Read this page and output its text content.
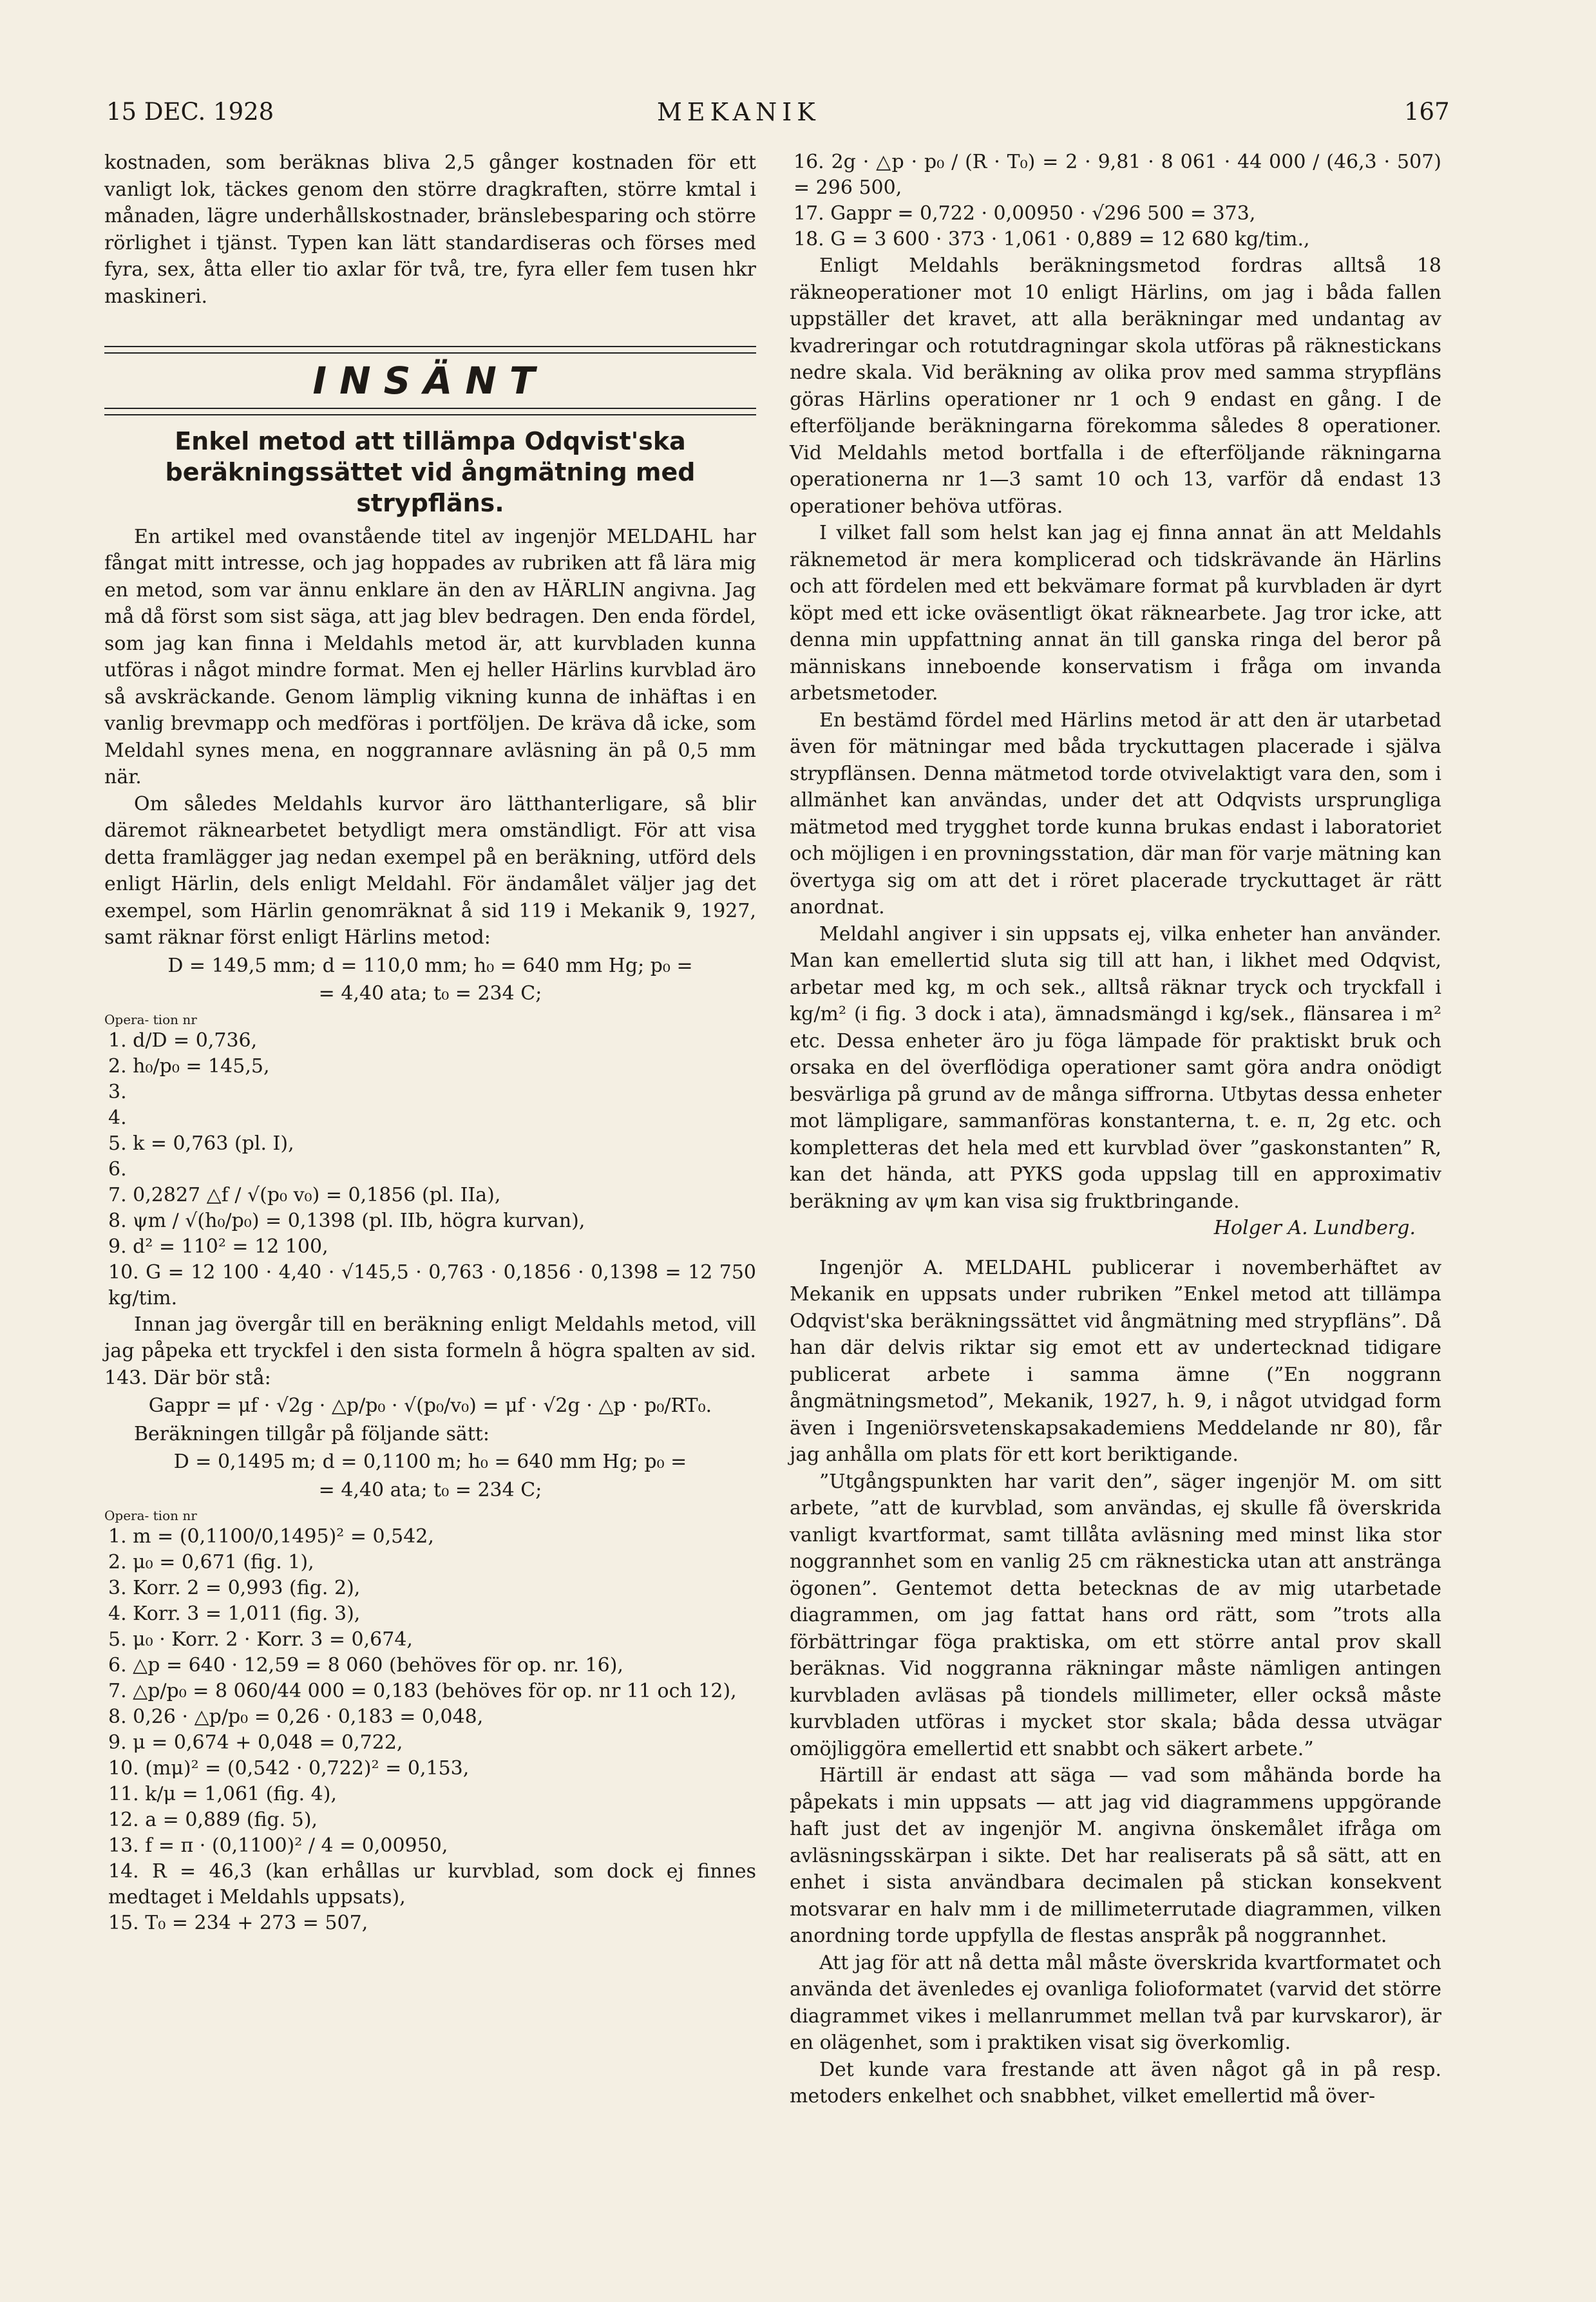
15 DEC. 1928	MEKANIK	167

kostnaden, som beräknas bliva 2,5 gånger kostnaden för ett vanligt lok, täckes genom den större dragkraften, större kmtal i månaden, lägre underhållskostnader, bränslebesparing och större rörlighet i tjänst. Typen kan lätt standardiseras och förses med fyra, sex, åtta eller tio axlar för två, tre, fyra eller fem tusen hkr maskineri.

INSÄNT
Enkel metod att tillämpa Odqvist'ska beräkningssättet vid ångmätning med strypfläns.

En artikel med ovanstående titel av ingenjör MELDAHL har fångat mitt intresse, och jag hoppades av rubriken att få lära mig en metod, som var ännu enklare än den av HÄRLIN angivna. Jag må då först som sist säga, att jag blev bedragen. Den enda fördel, som jag kan finna i Meldahls metod är, att kurvbladen kunna utföras i något mindre format. Men ej heller Härlins kurvblad äro så avskräckande. Genom lämplig vikning kunna de inhäftas i en vanlig brevmapp och medföras i portföljen. De kräva då icke, som Meldahl synes mena, en noggrannare avläsning än på 0,5 mm när.

Om således Meldahls kurvor äro lätthanterligare, så blir däremot räknearbetet betydligt mera omständligt. För att visa detta framlägger jag nedan exempel på en beräkning, utförd dels enligt Härlin, dels enligt Meldahl. För ändamålet väljer jag det exempel, som Härlin genomräknat å sid 119 i Mekanik 9, 1927, samt räknar först enligt Härlins metod:

D = 149,5 mm; d = 110,0 mm; h₀ = 640 mm Hg; p₀ =
= 4,40 ata; t₀ = 234 C;
Opera- tion nr
1. d/D = 0,736,
2. h₀/p₀ = 145,5,
3.
4.
5. k = 0,763 (pl. I),
6.
7. 0,2827 △f / √(p₀ v₀) = 0,1856 (pl. IIa),
8. ψm / √(h₀/p₀) = 0,1398 (pl. IIb, högra kurvan),
9. d² = 110² = 12 100,
10. G = 12 100 · 4,40 · √145,5 · 0,763 · 0,1856 · 0,1398 = 12 750 kg/tim.

Innan jag övergår till en beräkning enligt Meldahls metod, vill jag påpeka ett tryckfel i den sista formeln å högra spalten av sid. 143. Där bör stå:

Gappr = μf · √2g · △p/p₀ · √(p₀/v₀) = μf · √2g · △p · p₀/RT₀.

Beräkningen tillgår på följande sätt:

D = 0,1495 m; d = 0,1100 m; h₀ = 640 mm Hg; p₀ =
= 4,40 ata; t₀ = 234 C;
Opera- tion nr
1. m = (0,1100/0,1495)² = 0,542,
2. μ₀ = 0,671 (fig. 1),
3. Korr. 2 = 0,993 (fig. 2),
4. Korr. 3 = 1,011 (fig. 3),
5. μ₀ · Korr. 2 · Korr. 3 = 0,674,
6. △p = 640 · 12,59 = 8 060 (behöves för op. nr. 16),
7. △p/p₀ = 8 060/44 000 = 0,183 (behöves för op. nr 11 och 12),
8. 0,26 · △p/p₀ = 0,26 · 0,183 = 0,048,
9. μ = 0,674 + 0,048 = 0,722,
10. (mμ)² = (0,542 · 0,722)² = 0,153,
11. k/μ = 1,061 (fig. 4),
12. a = 0,889 (fig. 5),
13. f = π · (0,1100)² / 4 = 0,00950,
14. R = 46,3 (kan erhållas ur kurvblad, som dock ej finnes medtaget i Meldahls uppsats),
15. T₀ = 234 + 273 = 507,
16. 2g · △p · p₀ / (R · T₀) = 2 · 9,81 · 8 061 · 44 000 / (46,3 · 507) = 296 500,
17. Gappr = 0,722 · 0,00950 · √296 500 = 373,
18. G = 3 600 · 373 · 1,061 · 0,889 = 12 680 kg/tim.,

Enligt Meldahls beräkningsmetod fordras alltså 18 räkneoperationer mot 10 enligt Härlins, om jag i båda fallen uppställer det kravet, att alla beräkningar med undantag av kvadreringar och rotutdragningar skola utföras på räknestickans nedre skala. Vid beräkning av olika prov med samma strypfläns göras Härlins operationer nr 1 och 9 endast en gång. I de efterföljande beräkningarna förekomma således 8 operationer. Vid Meldahls metod bortfalla i de efterföljande räkningarna operationerna nr 1—3 samt 10 och 13, varför då endast 13 operationer behöva utföras.

I vilket fall som helst kan jag ej finna annat än att Meldahls räknemetod är mera komplicerad och tidskrävande än Härlins och att fördelen med ett bekvämare format på kurvbladen är dyrt köpt med ett icke oväsentligt ökat räknearbete. Jag tror icke, att denna min uppfattning annat än till ganska ringa del beror på människans inneboende konservatism i fråga om invanda arbetsmetoder.

En bestämd fördel med Härlins metod är att den är utarbetad även för mätningar med båda tryckuttagen placerade i själva strypflänsen. Denna mätmetod torde otvivelaktigt vara den, som i allmänhet kan användas, under det att Odqvists ursprungliga mätmetod med trygghet torde kunna brukas endast i laboratoriet och möjligen i en provningsstation, där man för varje mätning kan övertyga sig om att det i röret placerade tryckuttaget är rätt anordnat.

Meldahl angiver i sin uppsats ej, vilka enheter han använder. Man kan emellertid sluta sig till att han, i likhet med Odqvist, arbetar med kg, m och sek., alltså räknar tryck och tryckfall i kg/m² (i fig. 3 dock i ata), ämnadsmängd i kg/sek., flänsarea i m² etc. Dessa enheter äro ju föga lämpade för praktiskt bruk och orsaka en del överflödiga operationer samt göra andra onödigt besvärliga på grund av de många siffrorna. Utbytas dessa enheter mot lämpligare, sammanföras konstanterna, t. e. π, 2g etc. och kompletteras det hela med ett kurvblad över ”gaskonstanten” R, kan det hända, att PYKS goda uppslag till en approximativ beräkning av ψm kan visa sig fruktbringande.

Holger A. Lundberg.

Ingenjör A. MELDAHL publicerar i novemberhäftet av Mekanik en uppsats under rubriken ”Enkel metod att tillämpa Odqvist'ska beräkningssättet vid ångmätning med strypfläns”. Då han där delvis riktar sig emot ett av undertecknad tidigare publicerat arbete i samma ämne (”En noggrann ångmätningsmetod”, Mekanik, 1927, h. 9, i något utvidgad form även i Ingeniörsvetenskapsakademiens Meddelande nr 80), får jag anhålla om plats för ett kort beriktigande.

”Utgångspunkten har varit den”, säger ingenjör M. om sitt arbete, ”att de kurvblad, som användas, ej skulle få överskrida vanligt kvartformat, samt tillåta avläsning med minst lika stor noggrannhet som en vanlig 25 cm räknesticka utan att anstränga ögonen”. Gentemot detta betecknas de av mig utarbetade diagrammen, om jag fattat hans ord rätt, som ”trots alla förbättringar föga praktiska, om ett större antal prov skall beräknas. Vid noggranna räkningar måste nämligen antingen kurvbladen avläsas på tiondels millimeter, eller också måste kurvbladen utföras i mycket stor skala; båda dessa utvägar omöjliggöra emellertid ett snabbt och säkert arbete.”

Härtill är endast att säga — vad som måhända borde ha påpekats i min uppsats — att jag vid diagrammens uppgörande haft just det av ingenjör M. angivna önskemålet ifråga om avläsningsskärpan i sikte. Det har realiserats på så sätt, att en enhet i sista användbara decimalen på stickan konsekvent motsvarar en halv mm i de millimeterrutade diagrammen, vilken anordning torde uppfylla de flestas anspråk på noggrannhet.

Att jag för att nå detta mål måste överskrida kvartformatet och använda det ävenledes ej ovanliga folioformatet (varvid det större diagrammet vikes i mellanrummet mellan två par kurvskaror), är en olägenhet, som i praktiken visat sig överkomlig.

Det kunde vara frestande att även något gå in på resp. metoders enkelhet och snabbhet, vilket emellertid må över-
